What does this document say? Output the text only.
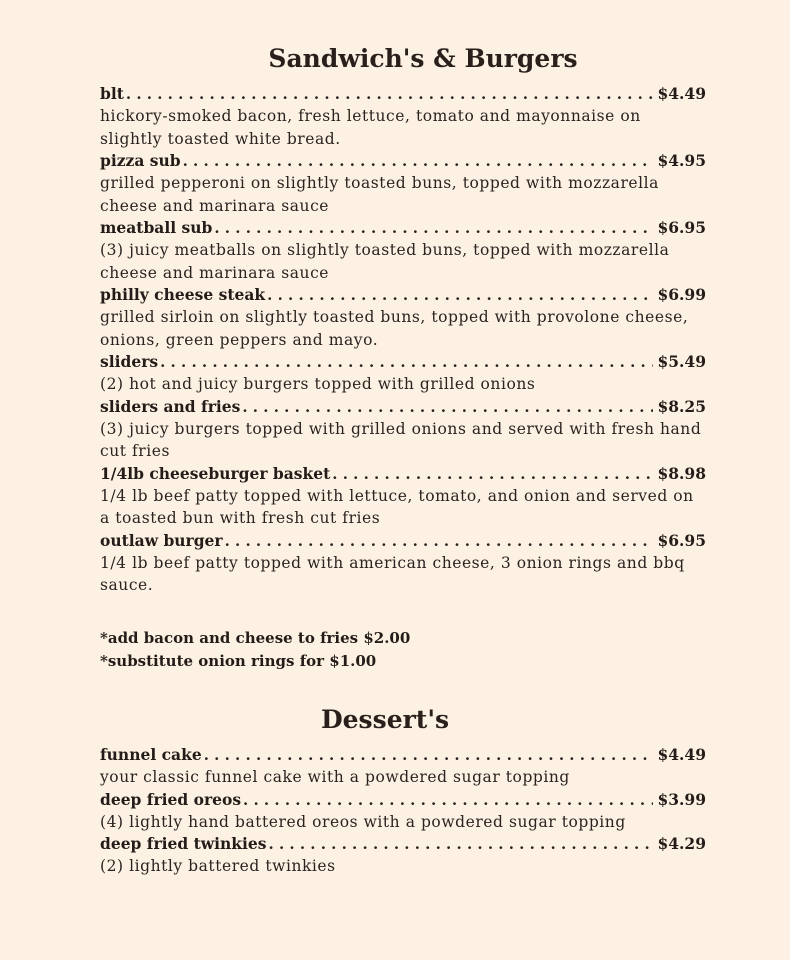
Sandwich's & Burgers
blt . . .	$4.49
hickory-smoked bacon, fresh lettuce, tomato and mayonnaise on slightly toasted white bread.
pizza sub . . .	$4.95
grilled pepperoni on slightly toasted buns, topped with mozzarella cheese and marinara sauce
meatball sub . . .	$6.95
(3) juicy meatballs on slightly toasted buns, topped with mozzarella cheese and marinara sauce
philly cheese steak . . .	$6.99
grilled sirloin on slightly toasted buns, topped with provolone cheese, onions, green peppers and mayo.
sliders . . .	$5.49
(2) hot and juicy burgers topped with grilled onions
sliders and fries . . .	$8.25
(3) juicy burgers topped with grilled onions and served with fresh hand cut fries
1/4lb cheeseburger basket . . .	$8.98
1/4 lb beef patty topped with lettuce, tomato, and onion and served on a toasted bun with fresh cut fries
outlaw burger . . .	$6.95
1/4 lb beef patty topped with american cheese, 3 onion rings and bbq sauce.
*add bacon and cheese to fries $2.00
*substitute onion rings for $1.00
Dessert's
funnel cake . . .	$4.49
your classic funnel cake with a powdered sugar topping
deep fried oreos . . .	$3.99
(4) lightly hand battered oreos with a powdered sugar topping
deep fried twinkies . . .	$4.29
(2) lightly battered twinkies
